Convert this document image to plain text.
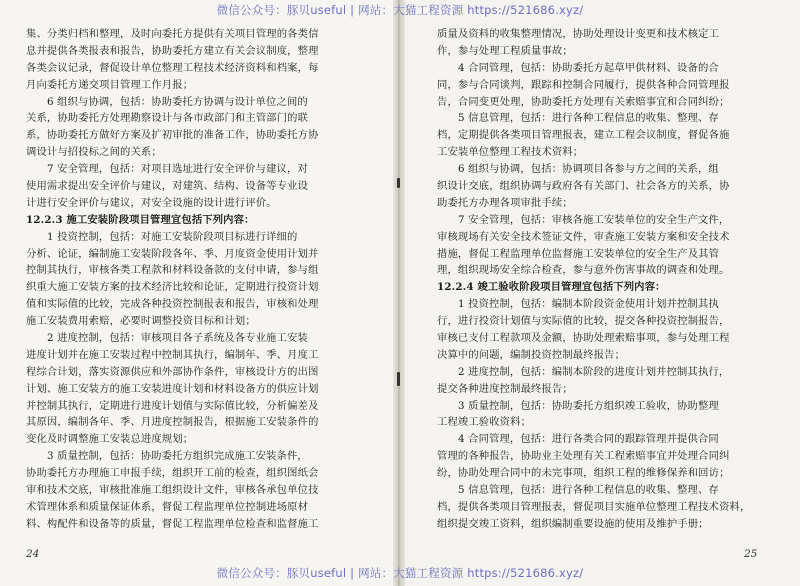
集、分类归档和整理，及时向委托方提供有关项目管理的各类信
息并提供各类报表和报告，协助委托方建立有关会议制度，整理
各类会议记录，督促设计单位整理工程技术经济资料和档案，每
月向委托方递交项目管理工作月报；
6 组织与协调，包括：协助委托方协调与设计单位之间的
关系，协助委托方处理勘察设计与各市政部门和主管部门的联
系，协助委托方做好方案及扩初审批的准备工作，协助委托方协
调设计与招投标之间的关系；
7 安全管理，包括：对项目选址进行安全评价与建议，对
使用需求提出安全评价与建议，对建筑、结构、设备等专业设
计进行安全评价与建议，对安全设施的设计进行评价。
12.2.3 施工安装阶段项目管理宜包括下列内容：
1 投资控制，包括：对施工安装阶段项目标进行详细的
分析、论证，编制施工安装阶段各年、季、月度资金使用计划并
控制其执行，审核各类工程款和材料设备款的支付申请，参与组
织重大施工安装方案的技术经济比较和论证，定期进行投资计划
值和实际值的比较，完成各种投资控制报表和报告，审核和处理
施工安装费用索赔，必要时调整投资目标和计划；
2 进度控制，包括：审核项目各子系统及各专业施工安装
进度计划并在施工安装过程中控制其执行，编制年、季、月度工
程综合计划，落实资源供应和外部协作条件，审核设计方的出图
计划、施工安装方的施工安装进度计划和材料设备方的供应计划
并控制其执行，定期进行进度计划值与实际值比较，分析偏差及
其原因，编制各年、季、月进度控制报告，根据施工安装条件的
变化及时调整施工安装总进度规划；
3 质量控制，包括：协助委托方组织完成施工安装条件，
协助委托方办理施工申报手续，组织开工前的检查，组织图纸会
审和技术交底，审核批准施工组织设计文件，审核各承包单位技
术管理体系和质量保证体系，督促工程监理单位控制进场原材
料、构配件和设备等的质量，督促工程监理单位检查和监督施工
24
质量及资料的收集整理情况，协助处理设计变更和技术核定工
作，参与处理工程质量事故；
4 合同管理，包括：协助委托方起草甲供材料、设备的合
同，参与合同谈判，跟踪和控制合同履行，提供各种合同管理报
告，合同变更处理，协助委托方处理有关索赔事宜和合同纠纷；
5 信息管理，包括：进行各种工程信息的收集、整理、存
档，定期提供各类项目管理报表，建立工程会议制度，督促各施
工安装单位整理工程技术资料；
6 组织与协调，包括：协调项目各参与方之间的关系，组
织设计交底，组织协调与政府各有关部门、社会各方的关系，协
助委托方办理各项审批手续；
7 安全管理，包括：审核各施工安装单位的安全生产文件，
审核现场有关安全技术签证文件，审查施工安装方案和安全技术
措施，督促工程监理单位监督施工安装单位的安全生产及其管
理，组织现场安全综合检查，参与意外伤害事故的调查和处理。
12.2.4 竣工验收阶段项目管理宜包括下列内容：
1 投资控制，包括：编制本阶段资金使用计划并控制其执
行，进行投资计划值与实际值的比较，提交各种投资控制报告，
审核已支付工程款项及金额，协助处理索赔事项，参与处理工程
决算中的问题，编制投资控制最终报告；
2 进度控制，包括：编制本阶段的进度计划并控制其执行，
提交各种进度控制最终报告；
3 质量控制，包括：协助委托方组织竣工验收，协助整理
工程竣工验收资料；
4 合同管理，包括：进行各类合同的跟踪管理并提供合同
管理的各种报告，协助业主处理有关工程索赔事宜并处理合同纠
纷，协助处理合同中的未完事项，组织工程的维修保养和回访；
5 信息管理，包括：进行各种工程信息的收集、整理、存
档，提供各类项目管理报表，督促项目实施单位整理工程技术资料，
组织提交竣工资料，组织编制重要设施的使用及维护手册；
25
微信公众号：豚贝useful | 网站：大猫工程资源 https://521686.xyz/
微信公众号：豚贝useful | 网站：大猫工程资源 https://521686.xyz/
